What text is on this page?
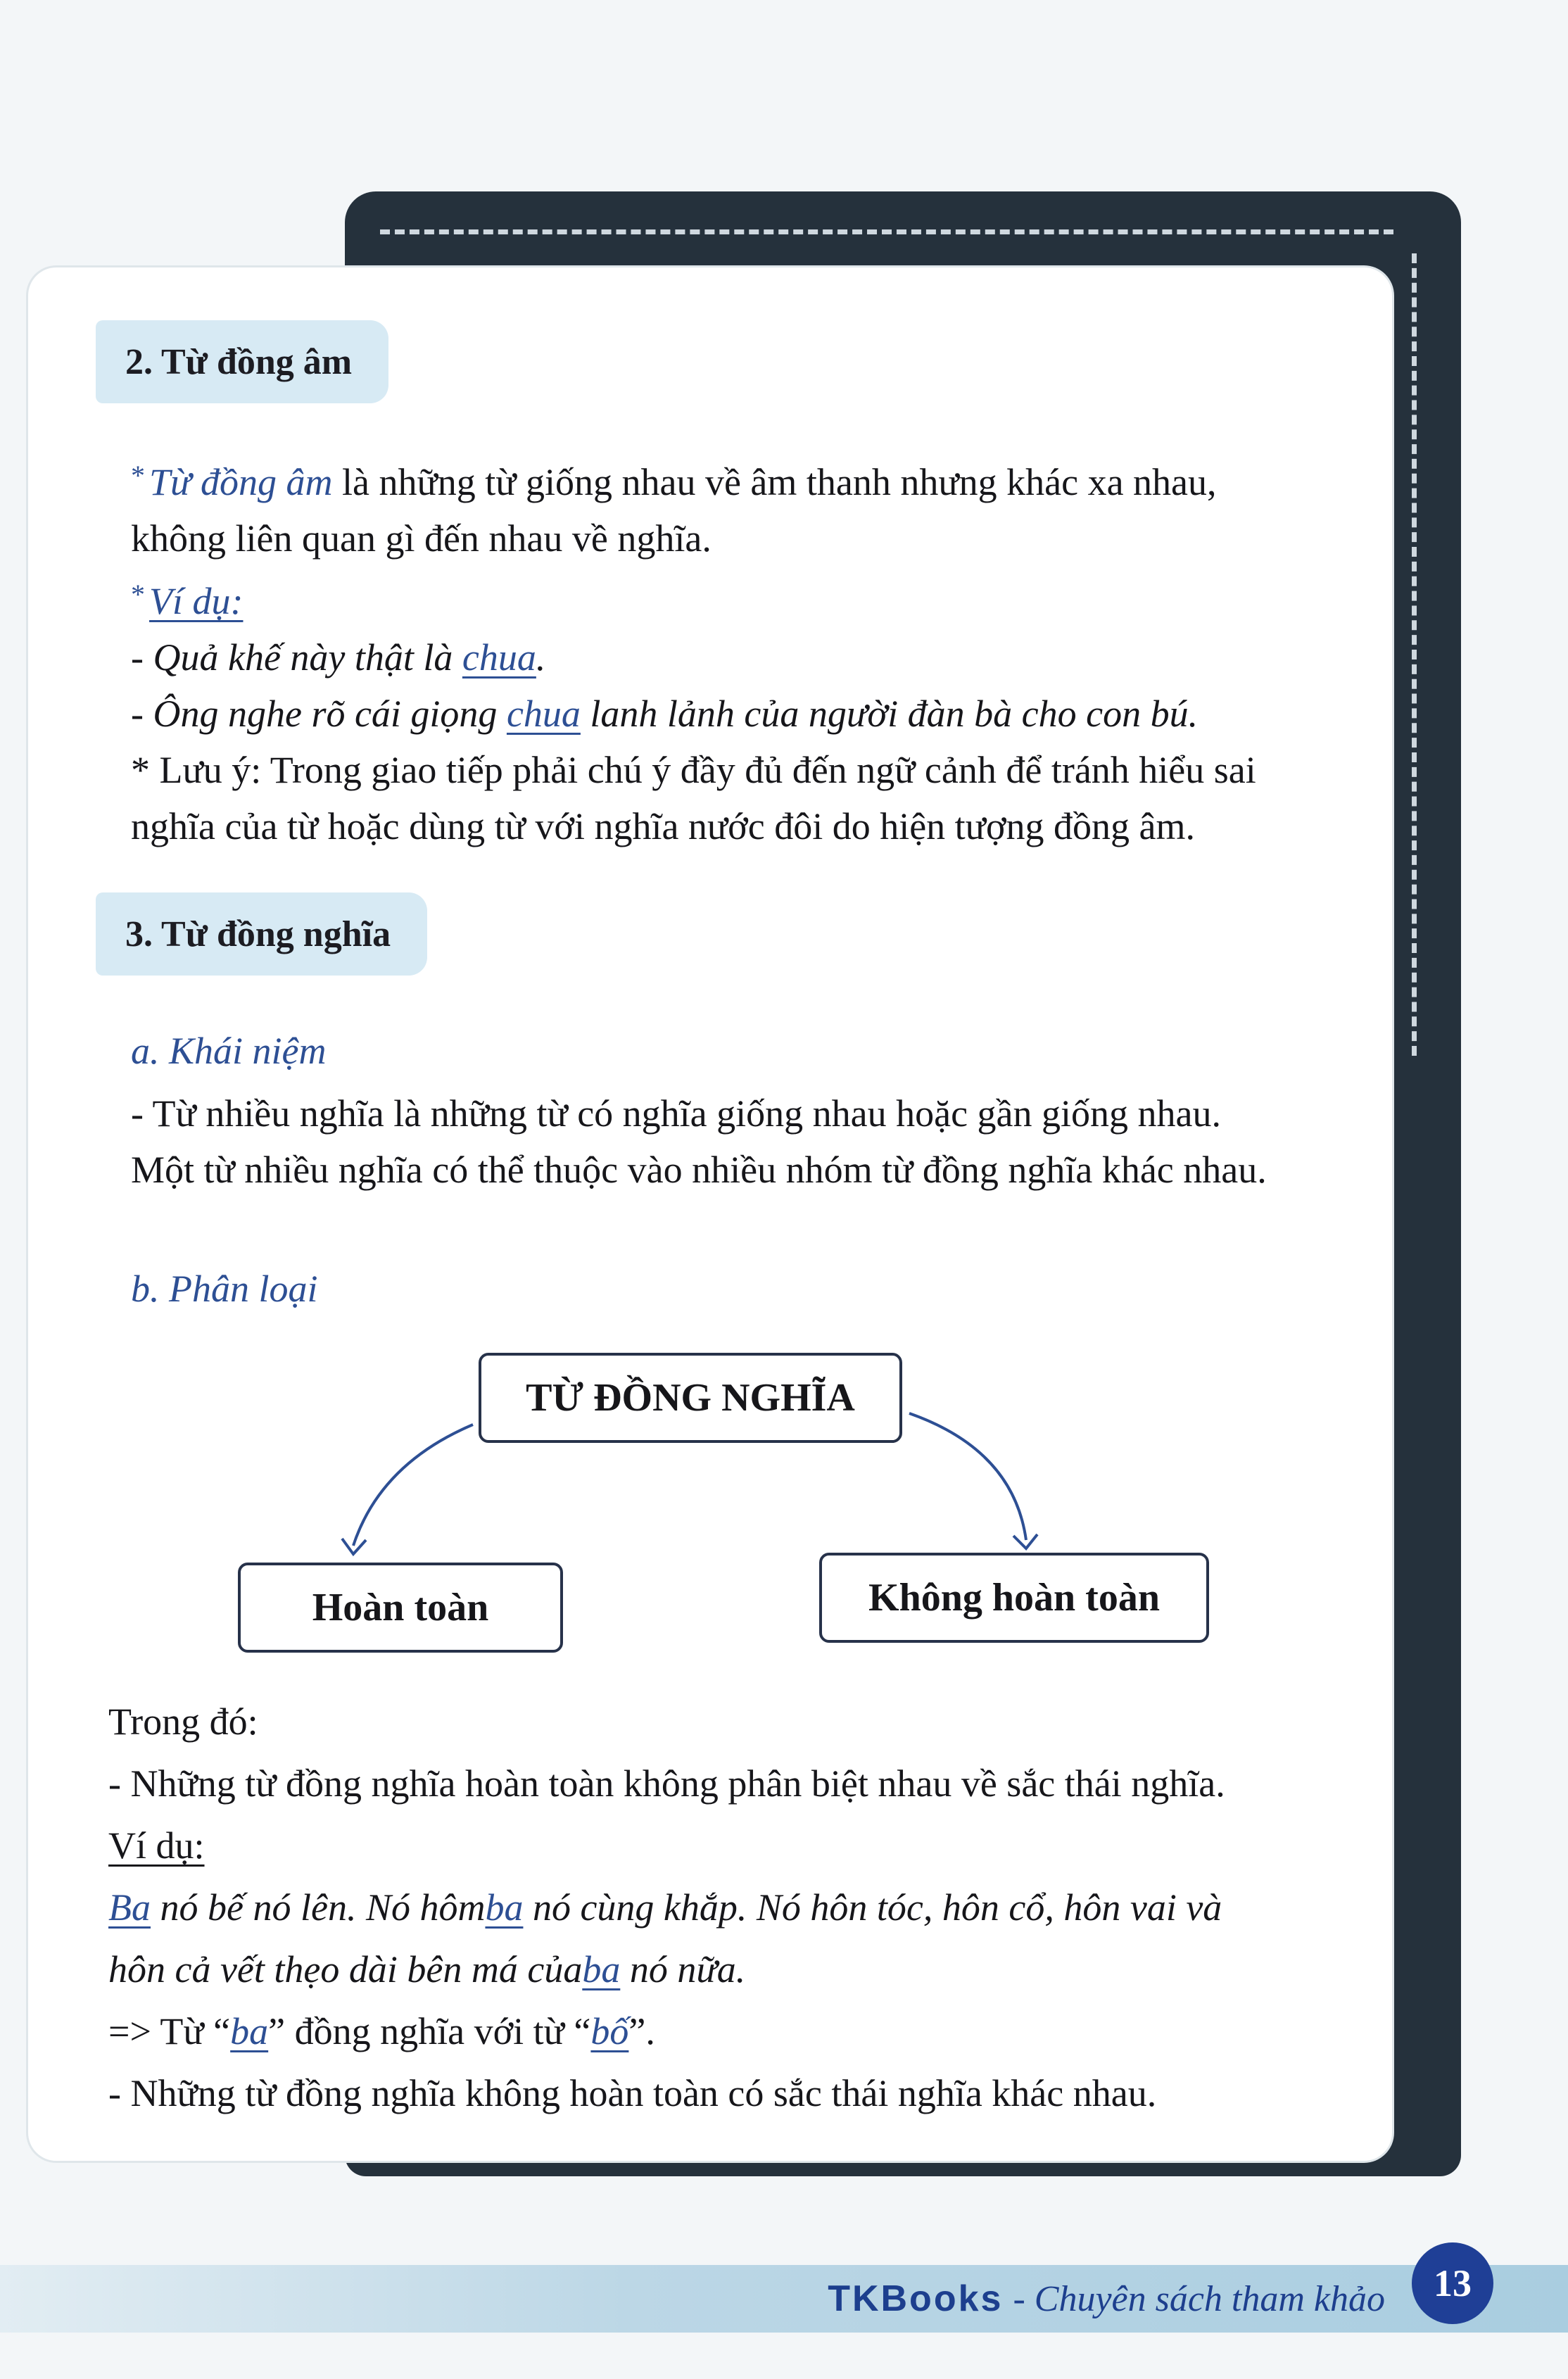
2. Từ đồng âm

* Từ đồng âm là những từ giống nhau về âm thanh nhưng khác xa nhau,

không liên quan gì đến nhau về nghĩa.

* Ví dụ:

- Quả khế này thật là chua.

- Ông nghe rõ cái giọng chua lanh lảnh của người đàn bà cho con bú.

* Lưu ý: Trong giao tiếp phải chú ý đầy đủ đến ngữ cảnh để tránh hiểu sai

nghĩa của từ hoặc dùng từ với nghĩa nước đôi do hiện tượng đồng âm.

3. Từ đồng nghĩa
a. Khái niệm

- Từ nhiều nghĩa là những từ có nghĩa giống nhau hoặc gần giống nhau.

Một từ nhiều nghĩa có thể thuộc vào nhiều nhóm từ đồng nghĩa khác nhau.

b. Phân loại
TỪ ĐỒNG NGHĨA
Hoàn toàn	Không hoàn toàn

Trong đó:

- Những từ đồng nghĩa hoàn toàn không phân biệt nhau về sắc thái nghĩa.

Ví dụ:

Ba nó bế nó lên. Nó hômba nó cùng khắp. Nó hôn tóc, hôn cổ, hôn vai và

hôn cả vết thẹo dài bên má củaba nó nữa.

=> Từ “ba” đồng nghĩa với từ “bố”.

- Những từ đồng nghĩa không hoàn toàn có sắc thái nghĩa khác nhau.

TKBooks - Chuyên sách tham khảo	13
